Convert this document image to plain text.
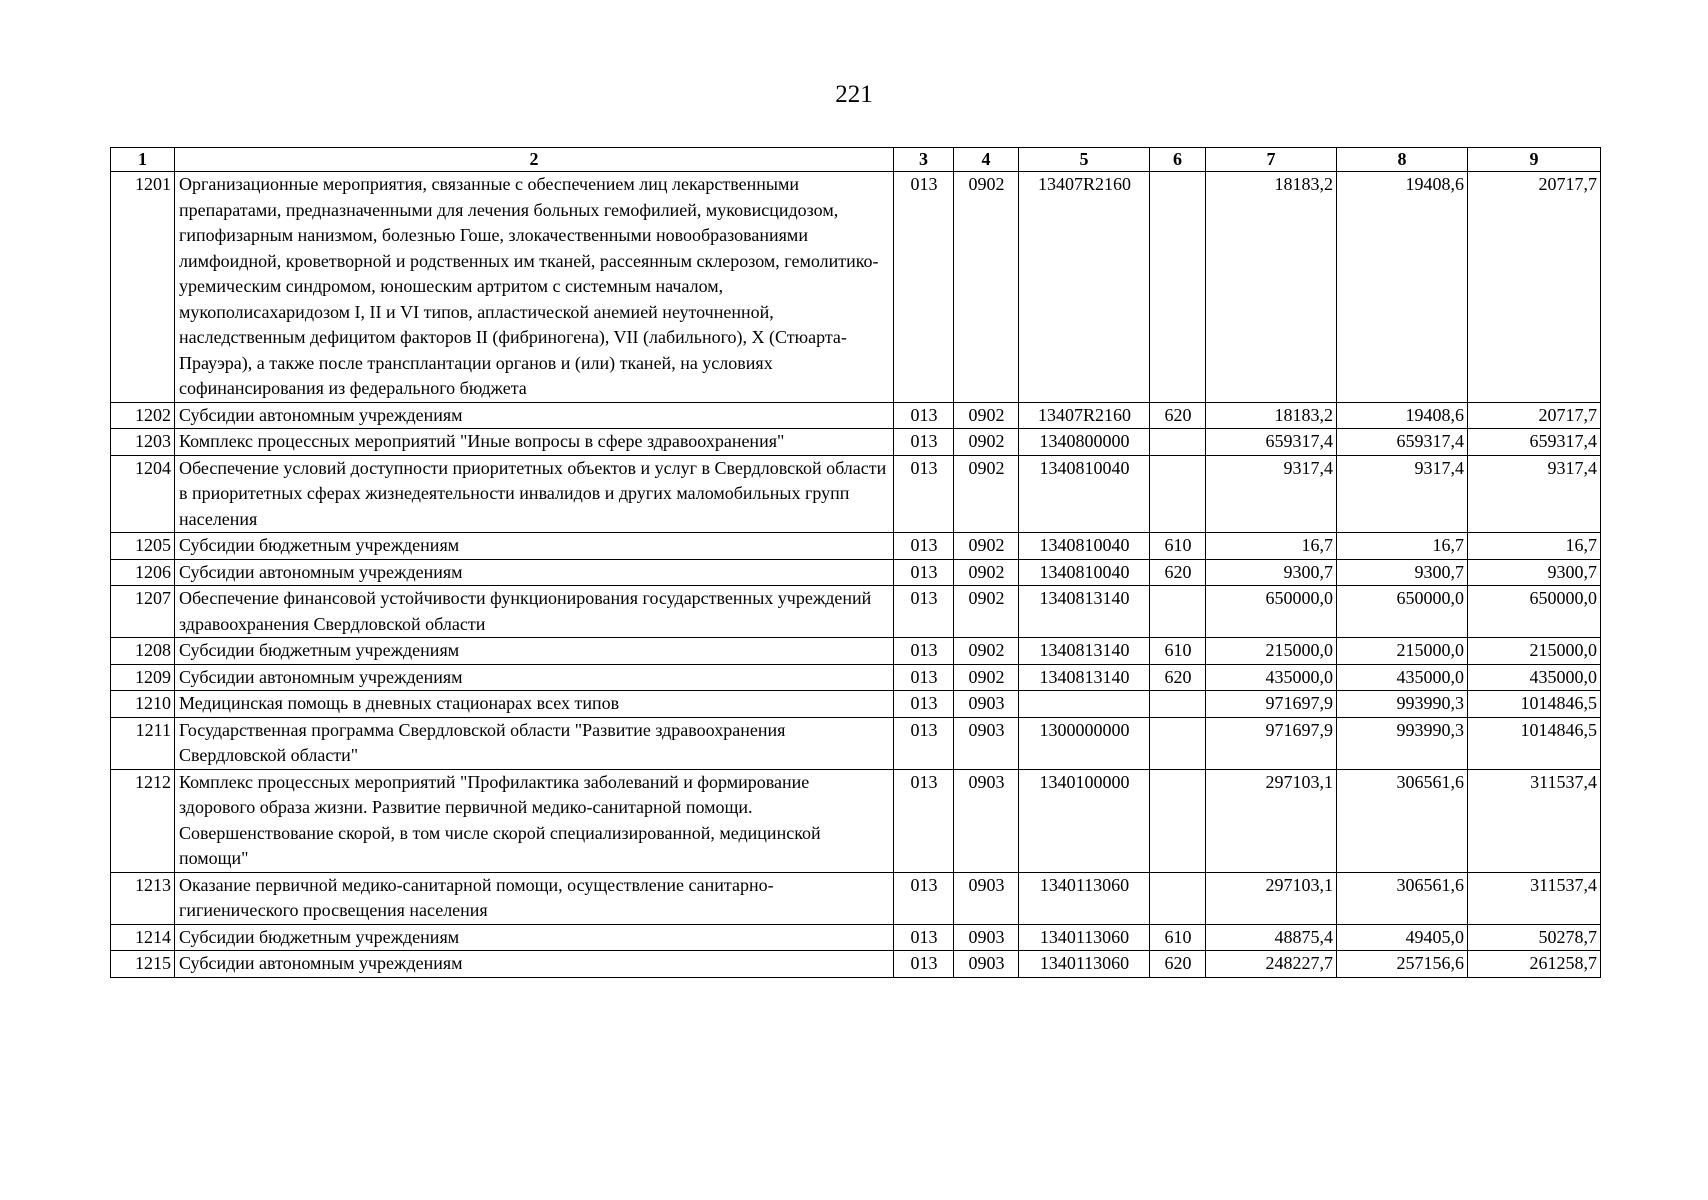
221
1	2	3	4	5	6	7	8	9
1201	Организационные мероприятия, связанные с обеспечением лиц лекарственными препаратами, предназначенными для лечения больных гемофилией, муковисцидозом, гипофизарным нанизмом, болезнью Гоше, злокачественными новообразованиями лимфоидной, кроветворной и родственных им тканей, рассеянным склерозом, гемолитико-уремическим синдромом, юношеским артритом с системным началом, мукополисахаридозом I, II и VI типов, апластической анемией неуточненной, наследственным дефицитом факторов II (фибриногена), VII (лабильного), X (Стюарта-Прауэра), а также после трансплантации органов и (или) тканей, на условиях софинансирования из федерального бюджета	013	0902	13407R2160		18183,2	19408,6	20717,7
1202	Субсидии автономным учреждениям	013	0902	13407R2160	620	18183,2	19408,6	20717,7
1203	Комплекс процессных мероприятий "Иные вопросы в сфере здравоохранения"	013	0902	1340800000		659317,4	659317,4	659317,4
1204	Обеспечение условий доступности приоритетных объектов и услуг в Свердловской области в приоритетных сферах жизнедеятельности инвалидов и других маломобильных групп населения	013	0902	1340810040		9317,4	9317,4	9317,4
1205	Субсидии бюджетным учреждениям	013	0902	1340810040	610	16,7	16,7	16,7
1206	Субсидии автономным учреждениям	013	0902	1340810040	620	9300,7	9300,7	9300,7
1207	Обеспечение финансовой устойчивости функционирования государственных учреждений здравоохранения Свердловской области	013	0902	1340813140		650000,0	650000,0	650000,0
1208	Субсидии бюджетным учреждениям	013	0902	1340813140	610	215000,0	215000,0	215000,0
1209	Субсидии автономным учреждениям	013	0902	1340813140	620	435000,0	435000,0	435000,0
1210	Медицинская помощь в дневных стационарах всех типов	013	0903			971697,9	993990,3	1014846,5
1211	Государственная программа Свердловской области "Развитие здравоохранения Свердловской области"	013	0903	1300000000		971697,9	993990,3	1014846,5
1212	Комплекс процессных мероприятий "Профилактика заболеваний и формирование здорового образа жизни. Развитие первичной медико-санитарной помощи. Совершенствование скорой, в том числе скорой специализированной, медицинской помощи"	013	0903	1340100000		297103,1	306561,6	311537,4
1213	Оказание первичной медико-санитарной помощи, осуществление санитарно-гигиенического просвещения населения	013	0903	1340113060		297103,1	306561,6	311537,4
1214	Субсидии бюджетным учреждениям	013	0903	1340113060	610	48875,4	49405,0	50278,7
1215	Субсидии автономным учреждениям	013	0903	1340113060	620	248227,7	257156,6	261258,7
